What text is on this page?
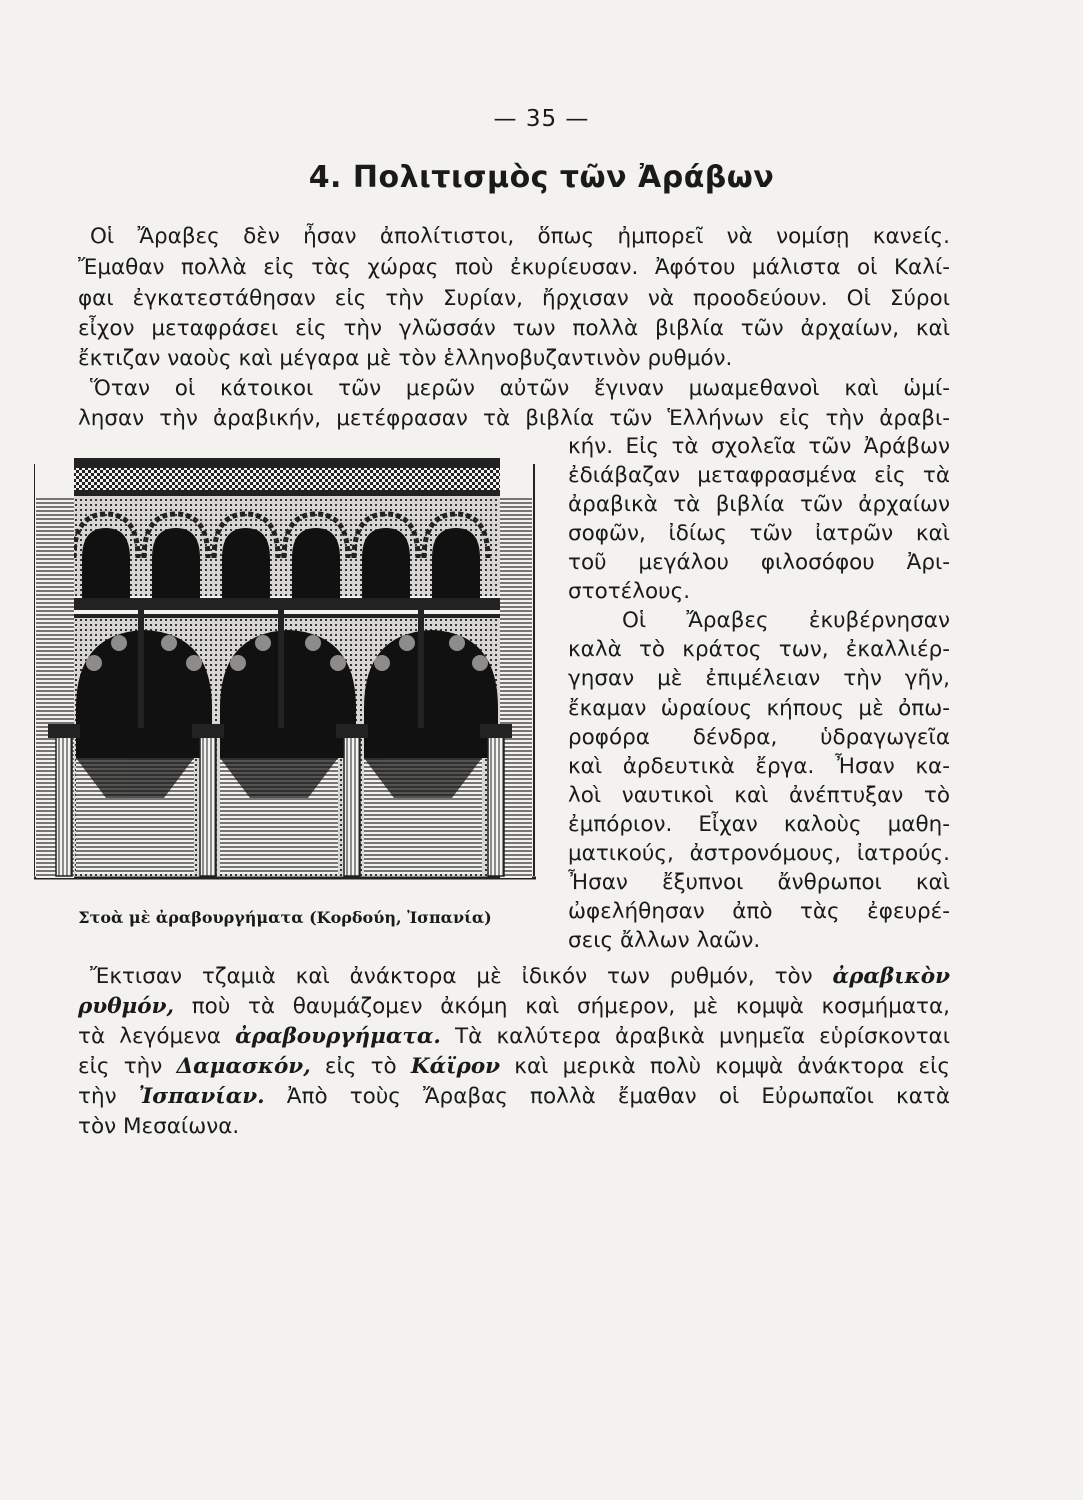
— 35 —
4. Πολιτισμὸς τῶν Ἀράβων
Οἱ Ἄραβες δὲν ἦσαν ἀπολίτιστοι, ὅπως ἠμπορεῖ νὰ νομίσῃ κανείς.
Ἔμαθαν πολλὰ εἰς τὰς χώρας ποὺ ἐκυρίευσαν. Ἀφότου μάλιστα οἱ Καλί-
φαι ἐγκατεστάθησαν εἰς τὴν Συρίαν, ἤρχισαν νὰ προοδεύουν. Οἱ Σύροι
εἶχον μεταφράσει εἰς τὴν γλῶσσάν των πολλὰ βιβλία τῶν ἀρχαίων, καὶ
ἔκτιζαν ναοὺς καὶ μέγαρα μὲ τὸν ἑλληνοβυζαντινὸν ρυθμόν.
Ὅταν οἱ κάτοικοι τῶν μερῶν αὐτῶν ἔγιναν μωαμεθανοὶ καὶ ὡμί-
λησαν τὴν ἀραβικήν, μετέφρασαν τὰ βιβλία τῶν Ἑλλήνων εἰς τὴν ἀραβι-
κήν. Εἰς τὰ σχολεῖα τῶν Ἀράβων
ἐδιάβαζαν μεταφρασμένα εἰς τὰ
ἀραβικὰ τὰ βιβλία τῶν ἀρχαίων
σοφῶν, ἰδίως τῶν ἰατρῶν καὶ
τοῦ μεγάλου φιλοσόφου Ἀρι-
στοτέλους.
Οἱ Ἄραβες ἐκυβέρνησαν
καλὰ τὸ κράτος των, ἐκαλλιέρ-
γησαν μὲ ἐπιμέλειαν τὴν γῆν,
ἔκαμαν ὡραίους κήπους μὲ ὀπω-
ροφόρα δένδρα, ὑδραγωγεῖα
καὶ ἀρδευτικὰ ἔργα. Ἦσαν κα-
λοὶ ναυτικοὶ καὶ ἀνέπτυξαν τὸ
ἐμπόριον. Εἶχαν καλοὺς μαθη-
ματικούς, ἀστρονόμους, ἰατρούς.
Ἦσαν ἔξυπνοι ἄνθρωποι καὶ
ὠφελήθησαν ἀπὸ τὰς ἐφευρέ-
σεις ἄλλων λαῶν.
Στοὰ μὲ ἀραβουργήματα (Κορδούη, Ἰσπανία)
Ἔκτισαν τζαμιὰ καὶ ἀνάκτορα μὲ ἰδικόν των ρυθμόν, τὸν ἀραβικὸν
ρυθμόν, ποὺ τὰ θαυμάζομεν ἀκόμη καὶ σήμερον, μὲ κομψὰ κοσμήματα,
τὰ λεγόμενα ἀραβουργήματα. Τὰ καλύτερα ἀραβικὰ μνημεῖα εὑρίσκονται
εἰς τὴν Δαμασκόν, εἰς τὸ Κάϊρον καὶ μερικὰ πολὺ κομψὰ ἀνάκτορα εἰς
τὴν Ἰσπανίαν. Ἀπὸ τοὺς Ἄραβας πολλὰ ἔμαθαν οἱ Εὐρωπαῖοι κατὰ
τὸν Μεσαίωνα.
